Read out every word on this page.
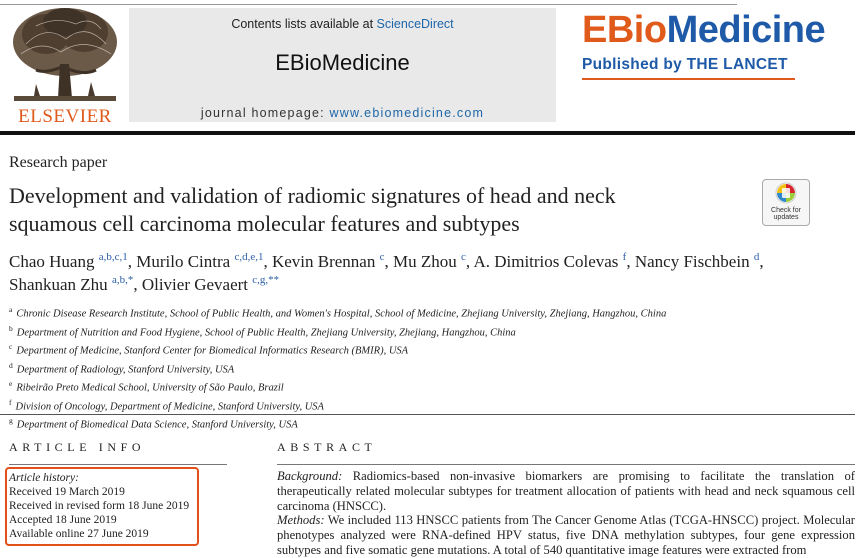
ELSEVIER
Contents lists available at ScienceDirect
EBioMedicine
journal homepage: www.ebiomedicine.com
EBioMedicine
Published by THE LANCET
Research paper
Development and validation of radiomic signatures of head and neck
squamous cell carcinoma molecular features and subtypes
Check for
updates
Chao Huang $^{a,b,c,1}$, Murilo Cintra $^{c,d,e,1}$, Kevin Brennan $^c$, Mu Zhou $^c$, A. Dimitrios Colevas $^f$, Nancy Fischbein $^d$,
Shankuan Zhu $^{a,b,*}$, Olivier Gevaert $^{c,g,**}$
$^a$ Chronic Disease Research Institute, School of Public Health, and Women's Hospital, School of Medicine, Zhejiang University, Zhejiang, Hangzhou, China
$^b$ Department of Nutrition and Food Hygiene, School of Public Health, Zhejiang University, Zhejiang, Hangzhou, China
$^c$ Department of Medicine, Stanford Center for Biomedical Informatics Research (BMIR), USA
$^d$ Department of Radiology, Stanford University, USA
$^e$ Ribeirão Preto Medical School, University of São Paulo, Brazil
$^f$ Division of Oncology, Department of Medicine, Stanford University, USA
$^g$ Department of Biomedical Data Science, Stanford University, USA
ARTICLE INFO
Article history:
Received 19 March 2019
Received in revised form 18 June 2019
Accepted 18 June 2019
Available online 27 June 2019
ABSTRACT

Background: Radiomics-based non-invasive biomarkers are promising to facilitate the translation of therapeutically related molecular subtypes for treatment allocation of patients with head and neck squamous cell carcinoma (HNSCC).

Methods: We included 113 HNSCC patients from The Cancer Genome Atlas (TCGA-HNSCC) project. Molecular phenotypes analyzed were RNA-defined HPV status, five DNA methylation subtypes, four gene expression subtypes and five somatic gene mutations. A total of 540 quantitative image features were extracted from
